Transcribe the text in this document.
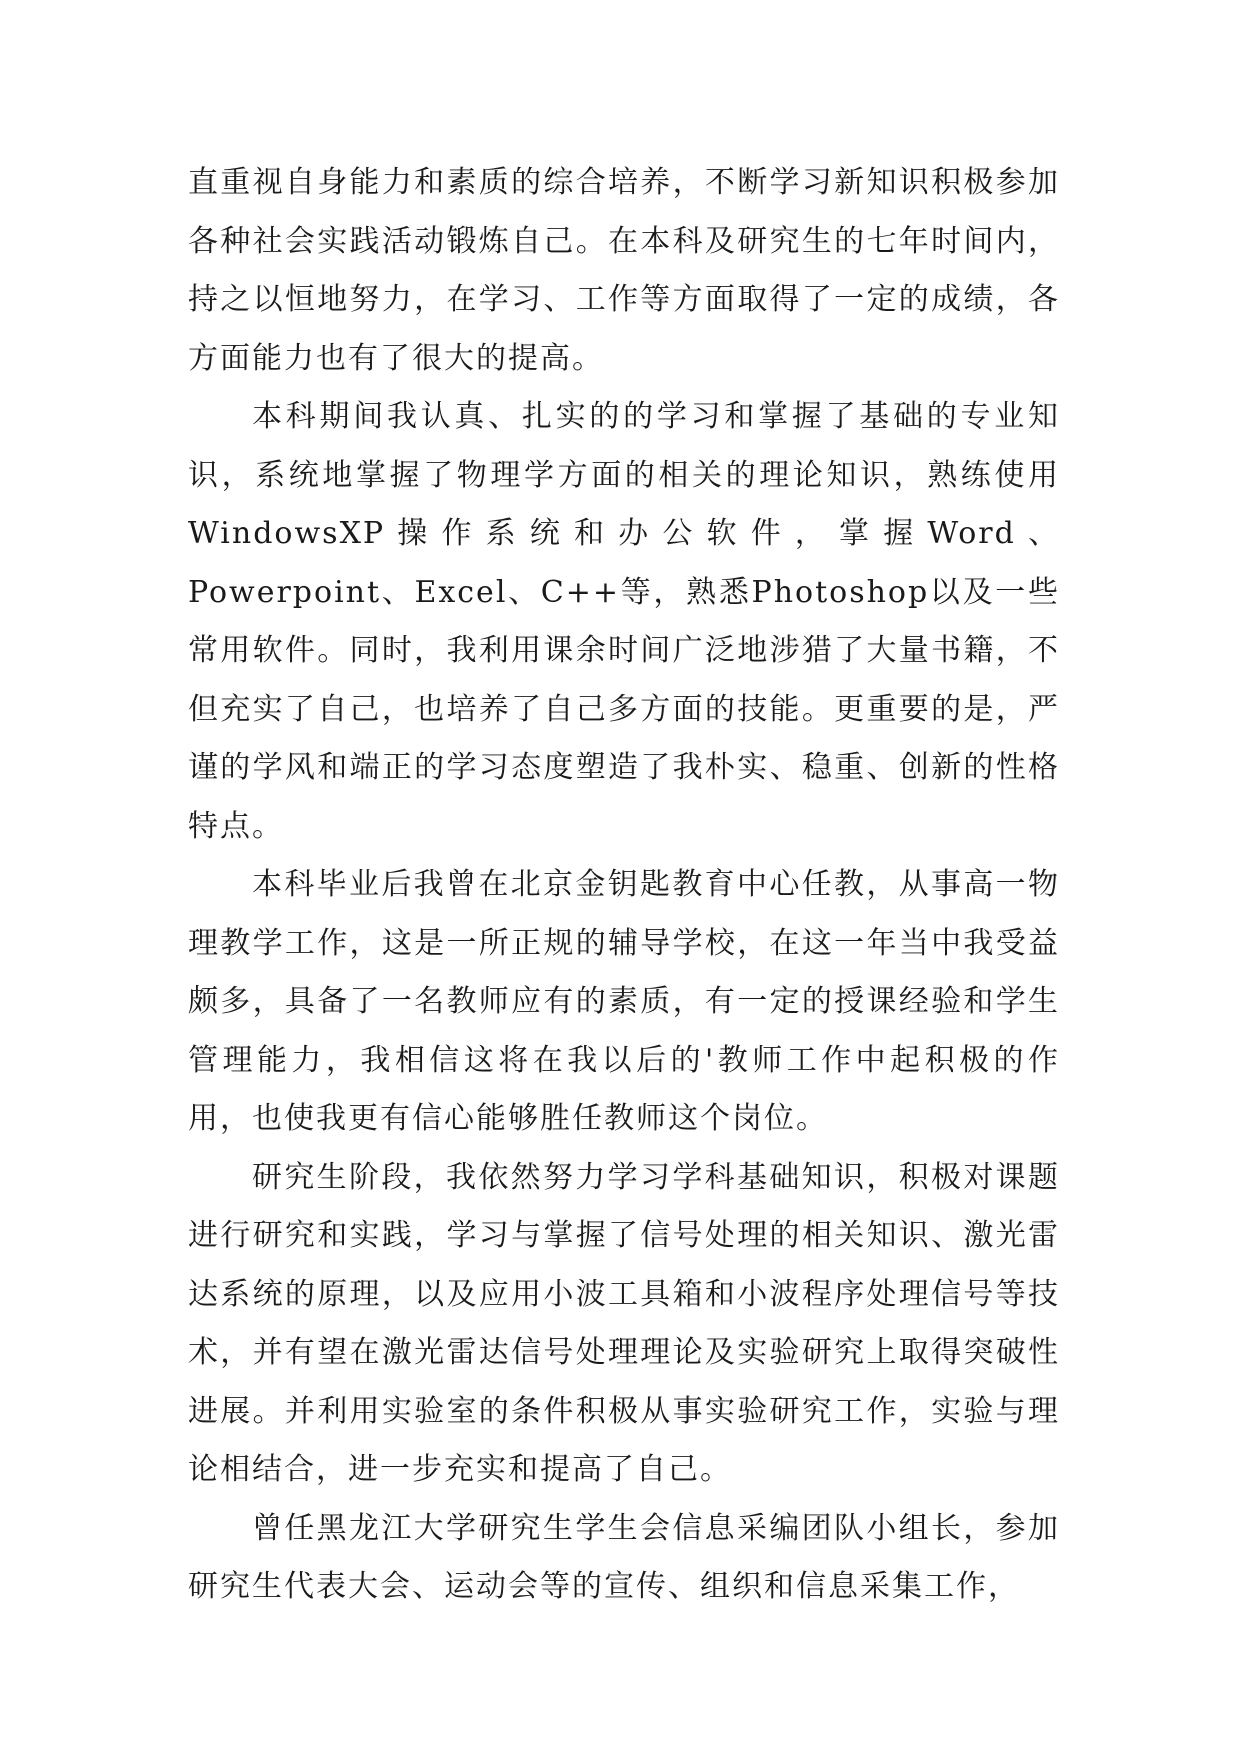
直重视自身能力和素质的综合培养，不断学习新知识积极参加各种社会实践活动锻炼自己。在本科及研究生的七年时间内，持之以恒地努力，在学习、工作等方面取得了一定的成绩，各方面能力也有了很大的提高。

本科期间我认真、扎实的的学习和掌握了基础的专业知识，系统地掌握了物理学方面的相关的理论知识，熟练使用WindowsXP操作系统和办公软件，掌握Word、Powerpoint、Excel、C++等，熟悉Photoshop以及一些常用软件。同时，我利用课余时间广泛地涉猎了大量书籍，不但充实了自己，也培养了自己多方面的技能。更重要的是，严谨的学风和端正的学习态度塑造了我朴实、稳重、创新的性格特点。

本科毕业后我曾在北京金钥匙教育中心任教，从事高一物理教学工作，这是一所正规的辅导学校，在这一年当中我受益颇多，具备了一名教师应有的素质，有一定的授课经验和学生管理能力，我相信这将在我以后的'教师工作中起积极的作用，也使我更有信心能够胜任教师这个岗位。

研究生阶段，我依然努力学习学科基础知识，积极对课题进行研究和实践，学习与掌握了信号处理的相关知识、激光雷达系统的原理，以及应用小波工具箱和小波程序处理信号等技术，并有望在激光雷达信号处理理论及实验研究上取得突破性进展。并利用实验室的条件积极从事实验研究工作，实验与理论相结合，进一步充实和提高了自己。

曾任黑龙江大学研究生学生会信息采编团队小组长，参加研究生代表大会、运动会等的宣传、组织和信息采集工作，
